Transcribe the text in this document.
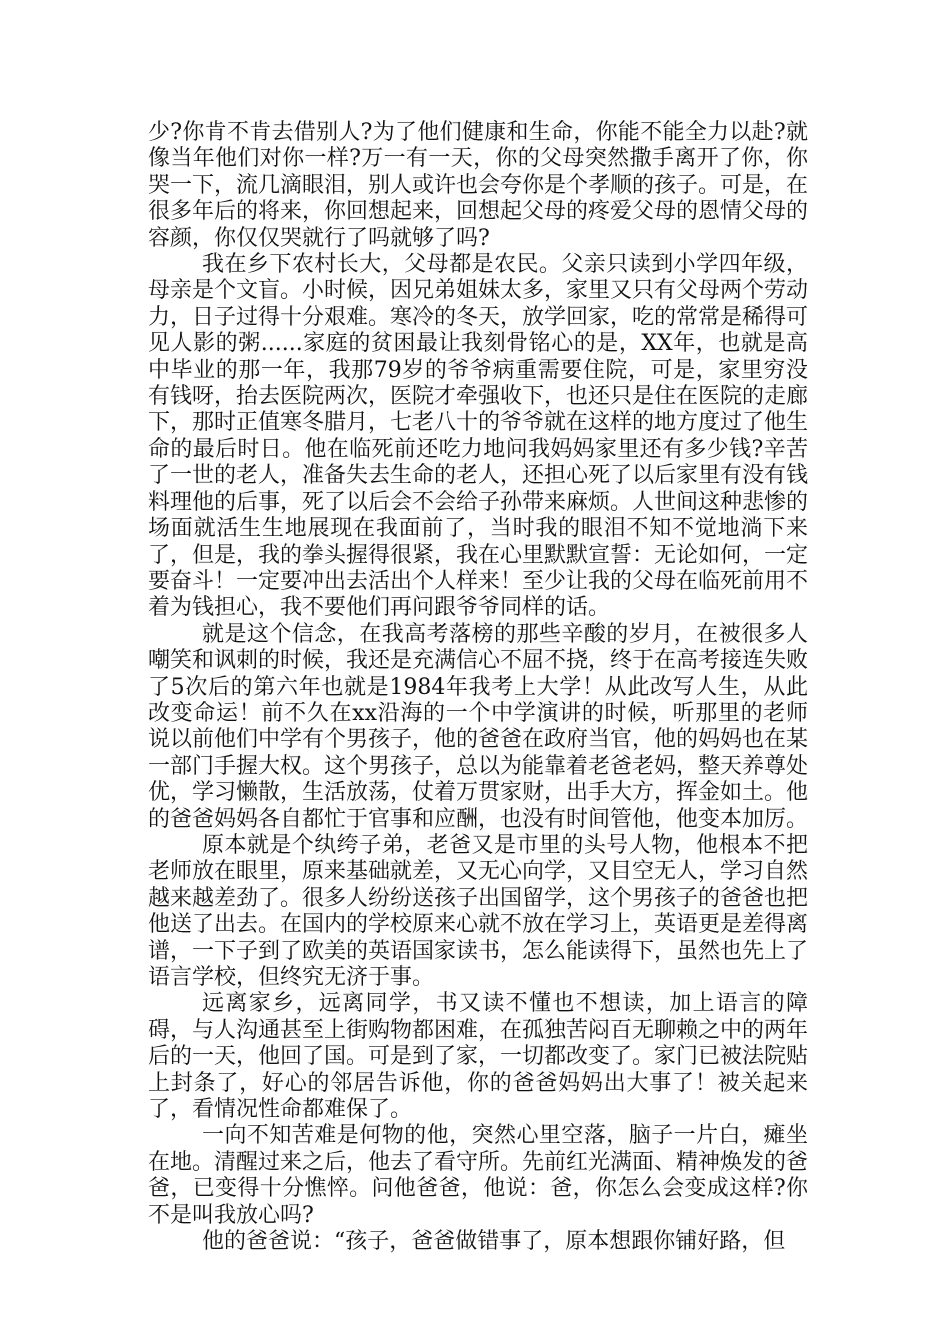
少?你肯不肯去借别人?为了他们健康和生命，你能不能全力以赴?就像当年他们对你一样?万一有一天，你的父母突然撒手离开了你，你哭一下，流几滴眼泪，别人或许也会夸你是个孝顺的孩子。可是，在很多年后的将来，你回想起来，回想起父母的疼爱父母的恩情父母的容颜，你仅仅哭就行了吗就够了吗?

我在乡下农村长大，父母都是农民。父亲只读到小学四年级，母亲是个文盲。小时候，因兄弟姐妹太多，家里又只有父母两个劳动力，日子过得十分艰难。寒冷的冬天，放学回家，吃的常常是稀得可见人影的粥......家庭的贫困最让我刻骨铭心的是，XX年，也就是高中毕业的那一年，我那79岁的爷爷病重需要住院，可是，家里穷没有钱呀，抬去医院两次，医院才牵强收下，也还只是住在医院的走廊下，那时正值寒冬腊月，七老八十的爷爷就在这样的地方度过了他生命的最后时日。他在临死前还吃力地问我妈妈家里还有多少钱?辛苦了一世的老人，准备失去生命的老人，还担心死了以后家里有没有钱料理他的后事，死了以后会不会给子孙带来麻烦。人世间这种悲惨的场面就活生生地展现在我面前了，当时我的眼泪不知不觉地淌下来了，但是，我的拳头握得很紧，我在心里默默宣誓：无论如何，一定要奋斗！一定要冲出去活出个人样来！至少让我的父母在临死前用不着为钱担心，我不要他们再问跟爷爷同样的话。

就是这个信念，在我高考落榜的那些辛酸的岁月，在被很多人嘲笑和讽刺的时候，我还是充满信心不屈不挠，终于在高考接连失败了5次后的第六年也就是1984年我考上大学！从此改写人生，从此改变命运！前不久在xx沿海的一个中学演讲的时候，听那里的老师说以前他们中学有个男孩子，他的爸爸在政府当官，他的妈妈也在某一部门手握大权。这个男孩子，总以为能靠着老爸老妈，整天养尊处优，学习懒散，生活放荡，仗着万贯家财，出手大方，挥金如土。他的爸爸妈妈各自都忙于官事和应酬，也没有时间管他，他变本加厉。

原本就是个纨绔子弟，老爸又是市里的头号人物，他根本不把老师放在眼里，原来基础就差，又无心向学，又目空无人，学习自然越来越差劲了。很多人纷纷送孩子出国留学，这个男孩子的爸爸也把他送了出去。在国内的学校原来心就不放在学习上，英语更是差得离谱，一下子到了欧美的英语国家读书，怎么能读得下，虽然也先上了语言学校，但终究无济于事。

远离家乡，远离同学，书又读不懂也不想读，加上语言的障碍，与人沟通甚至上街购物都困难，在孤独苦闷百无聊赖之中的两年后的一天，他回了国。可是到了家，一切都改变了。家门已被法院贴上封条了，好心的邻居告诉他，你的爸爸妈妈出大事了！被关起来了，看情况性命都难保了。

一向不知苦难是何物的他，突然心里空落，脑子一片白，瘫坐在地。清醒过来之后，他去了看守所。先前红光满面、精神焕发的爸爸，已变得十分憔悴。问他爸爸，他说：爸，你怎么会变成这样?你不是叫我放心吗?

他的爸爸说：“孩子，爸爸做错事了，原本想跟你铺好路，但
